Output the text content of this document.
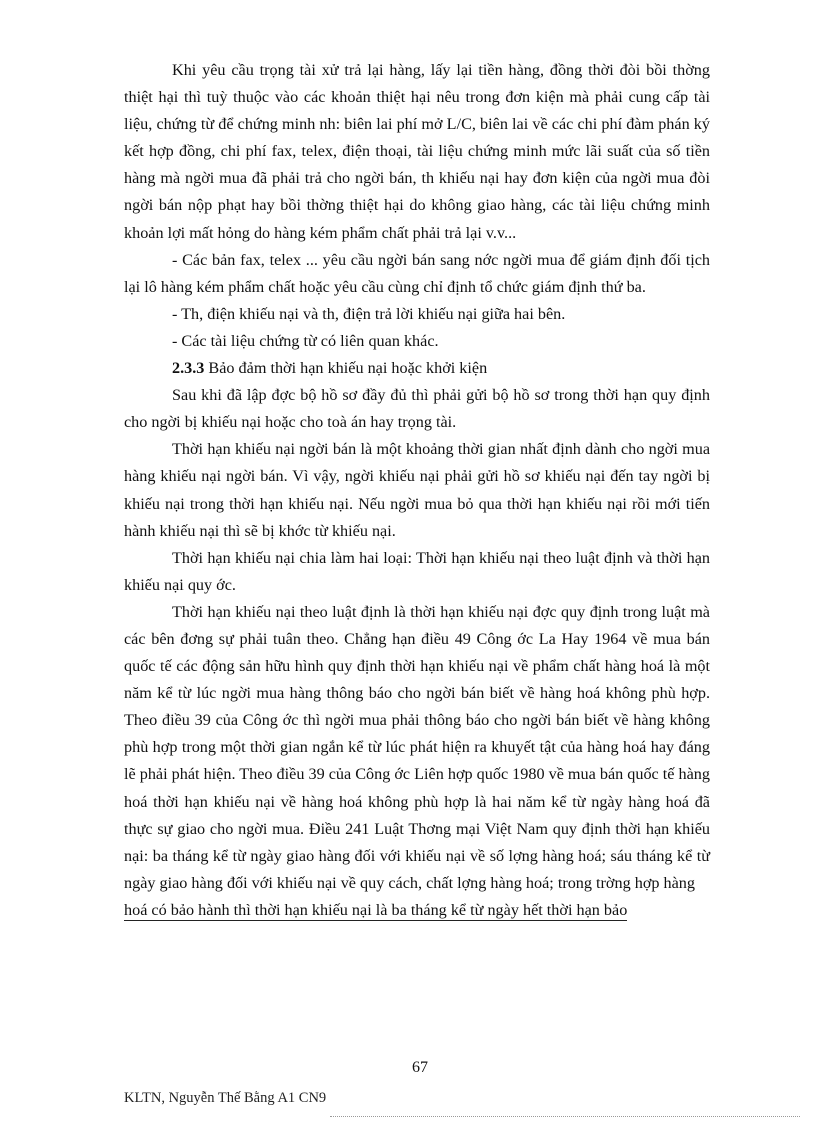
Khi yêu cầu trọng tài xử trả lại hàng, lấy lại tiền hàng, đồng thời đòi bồi thờng thiệt hại thì tuỳ thuộc vào các khoản thiệt hại nêu trong đơn kiện mà phải cung cấp tài liệu, chứng từ để chứng minh nh: biên lai phí mở L/C, biên lai về các chi phí đàm phán ký kết hợp đồng, chi phí fax, telex, điện thoại, tài liệu chứng minh mức lãi suất của số tiền hàng mà ngời mua đã phải trả cho ngời bán, th khiếu nại hay đơn kiện của ngời mua đòi ngời bán nộp phạt hay bồi thờng thiệt hại do không giao hàng, các tài liệu chứng minh khoản lợi mất hỏng do hàng kém phẩm chất phải trả lại v.v...

- Các bản fax, telex ... yêu cầu ngời bán sang nớc ngời mua để giám định đối tịch lại lô hàng kém phẩm chất hoặc yêu cầu cùng chỉ định tổ chức giám định thứ ba.

- Th, điện khiếu nại và th, điện trả lời khiếu nại giữa hai bên.

- Các tài liệu chứng từ có liên quan khác.

2.3.3 Bảo đảm thời hạn khiếu nại hoặc khởi kiện

Sau khi đã lập đợc bộ hồ sơ đầy đủ thì phải gửi bộ hồ sơ trong thời hạn quy định cho ngời bị khiếu nại hoặc cho toà án hay trọng tài.

Thời hạn khiếu nại ngời bán là một khoảng thời gian nhất định dành cho ngời mua hàng khiếu nại ngời bán. Vì vậy, ngời khiếu nại phải gửi hồ sơ khiếu nại đến tay ngời bị khiếu nại trong thời hạn khiếu nại. Nếu ngời mua bỏ qua thời hạn khiếu nại rồi mới tiến hành khiếu nại thì sẽ bị khớc từ khiếu nại.

Thời hạn khiếu nại chia làm hai loại: Thời hạn khiếu nại theo luật định và thời hạn khiếu nại quy ớc.

Thời hạn khiếu nại theo luật định là thời hạn khiếu nại đợc quy định trong luật mà các bên đơng sự phải tuân theo. Chẳng hạn điều 49 Công ớc La Hay 1964 về mua bán quốc tế các động sản hữu hình quy định thời hạn khiếu nại về phẩm chất hàng hoá là một năm kể từ lúc ngời mua hàng thông báo cho ngời bán biết về hàng hoá không phù hợp. Theo điều 39 của Công ớc thì ngời mua phải thông báo cho ngời bán biết về hàng không phù hợp trong một thời gian ngắn kể từ lúc phát hiện ra khuyết tật của hàng hoá hay đáng lẽ phải phát hiện. Theo điều 39 của Công ớc Liên hợp quốc 1980 về mua bán quốc tế hàng hoá thời hạn khiếu nại về hàng hoá không phù hợp là hai năm kể từ ngày hàng hoá đã thực sự giao cho ngời mua. Điều 241 Luật Thơng mại Việt Nam quy định thời hạn khiếu nại: ba tháng kể từ ngày giao hàng đối với khiếu nại về số lợng hàng hoá; sáu tháng kể từ ngày giao hàng đối với khiếu nại về quy cách, chất lợng hàng hoá; trong trờng hợp hàng

hoá có bảo hành thì thời hạn khiếu nại là ba tháng kể từ ngày hết thời hạn bảo

67
KLTN, Nguyễn Thế Bằng A1 CN9
